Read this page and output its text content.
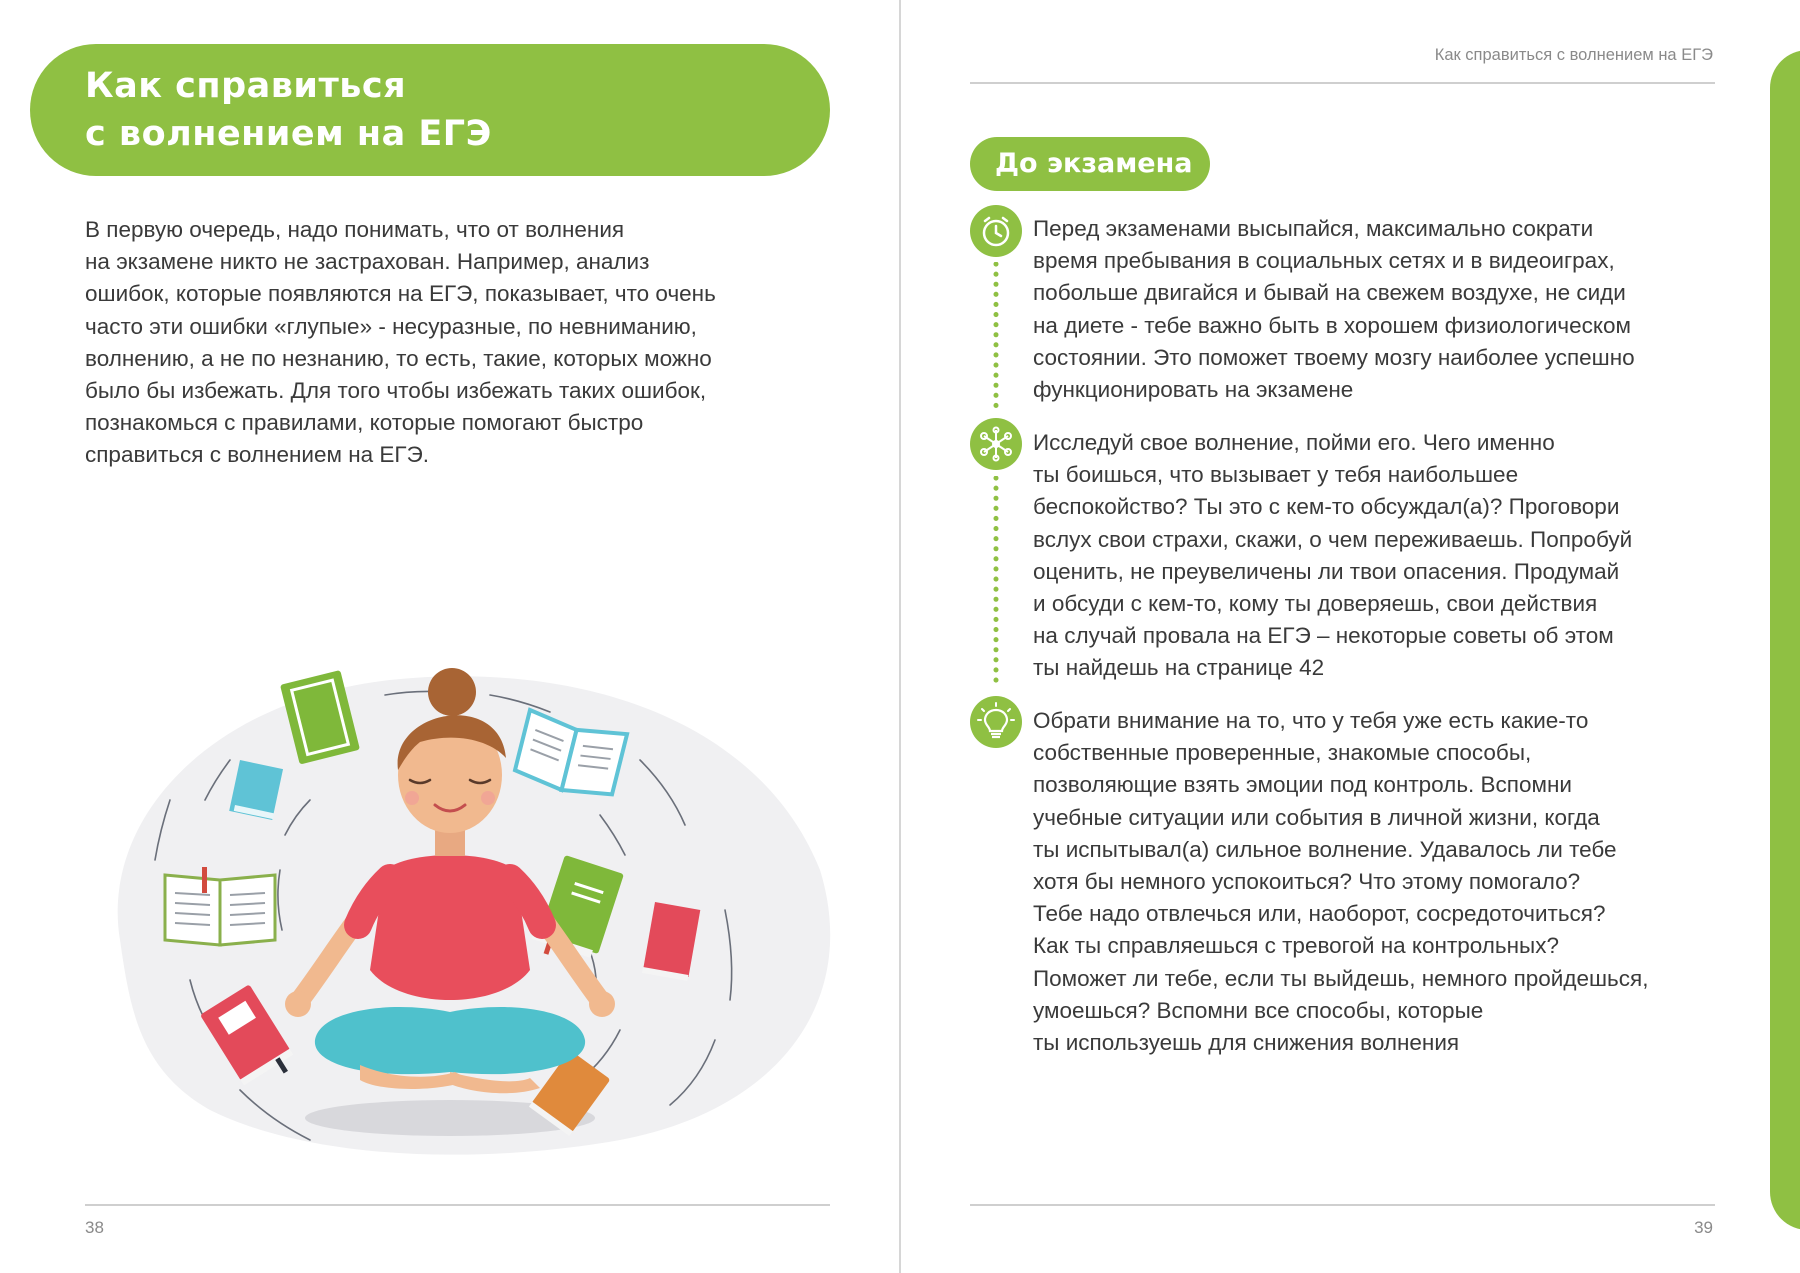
Как справиться
с волнением на ЕГЭ
В первую очередь, надо понимать, что от волнения
на экзамене никто не застрахован. Например, анализ
ошибок, которые появляются на ЕГЭ, показывает, что очень
часто эти ошибки «глупые» - несуразные, по невниманию,
волнению, а не по незнанию, то есть, такие, которых можно
было бы избежать. Для того чтобы избежать таких ошибок,
познакомься с правилами, которые помогают быстро
справиться с волнением на ЕГЭ.
38
Как справиться с волнением на ЕГЭ
До экзамена
Перед экзаменами высыпайся, максимально сократи
время пребывания в социальных сетях и в видеоиграх,
побольше двигайся и бывай на свежем воздухе, не сиди
на диете - тебе важно быть в хорошем физиологическом
состоянии. Это поможет твоему мозгу наиболее успешно
функционировать на экзамене
Исследуй свое волнение, пойми его. Чего именно
ты боишься, что вызывает у тебя наибольшее
беспокойство? Ты это с кем-то обсуждал(а)? Проговори
вслух свои страхи, скажи, о чем переживаешь. Попробуй
оценить, не преувеличены ли твои опасения. Продумай
и обсуди с кем-то, кому ты доверяешь, свои действия
на случай провала на ЕГЭ – некоторые советы об этом
ты найдешь на странице 42
Обрати внимание на то, что у тебя уже есть какие-то
собственные проверенные, знакомые способы,
позволяющие взять эмоции под контроль. Вспомни
учебные ситуации или события в личной жизни, когда
ты испытывал(а) сильное волнение. Удавалось ли тебе
хотя бы немного успокоиться? Что этому помогало?
Тебе надо отвлечься или, наоборот, сосредоточиться?
Как ты справляешься с тревогой на контрольных?
Поможет ли тебе, если ты выйдешь, немного пройдешься,
умоешься? Вспомни все способы, которые
ты используешь для снижения волнения
39
